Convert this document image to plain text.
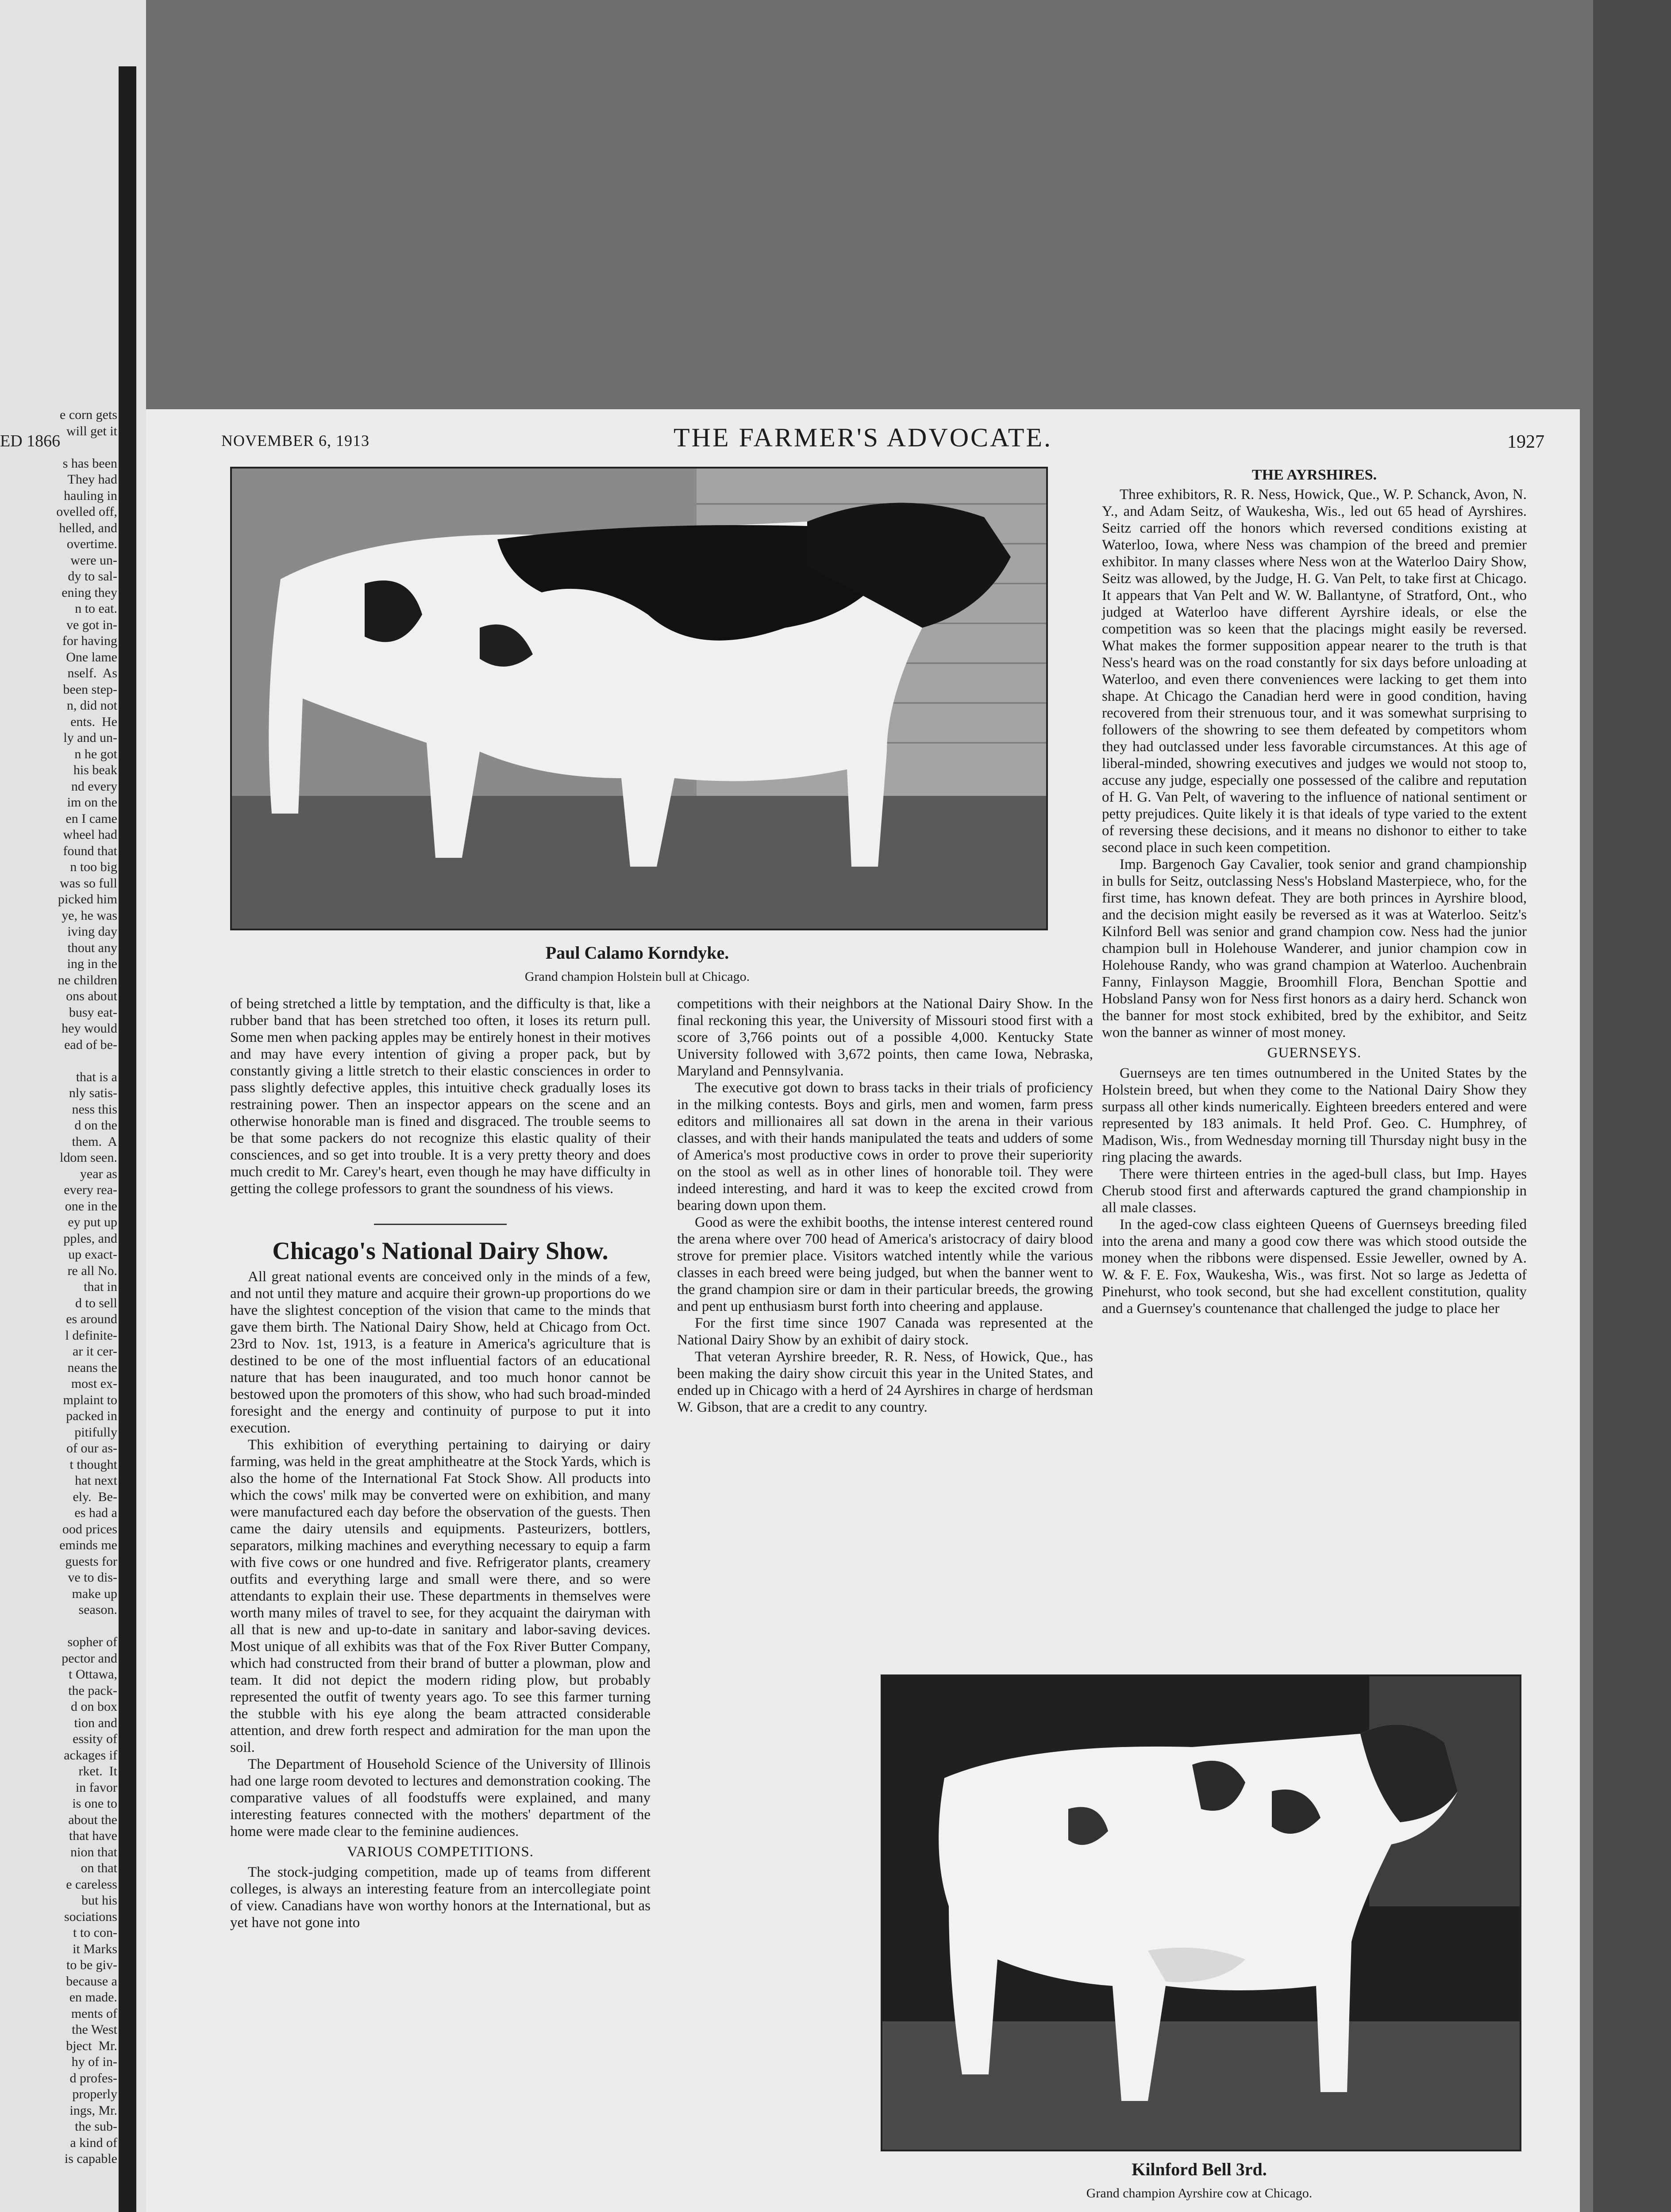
ED 1866
e corn gets
will get it

s has been
They had
hauling in
ovelled off,
helled, and
overtime.
were un-
dy to sal-
ening they
n to eat.
ve got in-
for having
One lame
nself.  As
been step-
n, did not
ents.  He
ly and un-
n he got
his beak
nd every
im on the
en I came
wheel had
found that
n too big
was so full
picked him
ye, he was
iving day
thout any
ing in the
ne children
ons about
busy eat-
hey would
ead of be-

that is a
nly satis-
ness this
d on the
them.  A
ldom seen.
year as
every rea-
one in the
ey put up
pples, and
up exact-
re all No.
that in
d to sell
es around
l definite-
ar it cer-
neans the
most ex-
mplaint to
packed in
pitifully
of our as-
t thought
hat next
ely.  Be-
es had a
ood prices
eminds me
guests for
ve to dis-
make up
season.

sopher of
pector and
t Ottawa,
the pack-
d on box
tion and
essity of
ackages if
rket.  It
in favor
is one to
about the
that have
nion that
on that
e careless
but his
sociations
t to con-
it Marks
to be giv-
because a
en made.
ments of
the West
bject  Mr.
hy of in-
d profes-
properly
ings, Mr.
the sub-
a kind of
is capable
NOVEMBER 6, 1913	THE FARMER'S ADVOCATE.	1927
Paul Calamo Korndyke.
Grand champion Holstein bull at Chicago.

of being stretched a little by temptation, and the difficulty is that, like a rubber band that has been stretched too often, it loses its return pull. Some men when packing apples may be entirely honest in their motives and may have every intention of giving a proper pack, but by constantly giving a little stretch to their elastic consciences in order to pass slightly defective apples, this intuitive check gradually loses its restraining power. Then an inspector appears on the scene and an otherwise honorable man is fined and disgraced. The trouble seems to be that some packers do not recognize this elastic quality of their consciences, and so get into trouble. It is a very pretty theory and does much credit to Mr. Carey's heart, even though he may have difficulty in getting the college professors to grant the soundness of his views.

Chicago's National Dairy Show.

All great national events are conceived only in the minds of a few, and not until they mature and acquire their grown-up proportions do we have the slightest conception of the vision that came to the minds that gave them birth. The National Dairy Show, held at Chicago from Oct. 23rd to Nov. 1st, 1913, is a feature in America's agriculture that is destined to be one of the most influential factors of an educational nature that has been inaugurated, and too much honor cannot be bestowed upon the promoters of this show, who had such broad-minded foresight and the energy and continuity of purpose to put it into execution.

This exhibition of everything pertaining to dairying or dairy farming, was held in the great amphitheatre at the Stock Yards, which is also the home of the International Fat Stock Show. All products into which the cows' milk may be converted were on exhibition, and many were manufactured each day before the observation of the guests. Then came the dairy utensils and equipments. Pasteurizers, bottlers, separators, milking machines and everything necessary to equip a farm with five cows or one hundred and five. Refrigerator plants, creamery outfits and everything large and small were there, and so were attendants to explain their use. These departments in themselves were worth many miles of travel to see, for they acquaint the dairyman with all that is new and up-to-date in sanitary and labor-saving devices. Most unique of all exhibits was that of the Fox River Butter Company, which had constructed from their brand of butter a plowman, plow and team. It did not depict the modern riding plow, but probably represented the outfit of twenty years ago. To see this farmer turning the stubble with his eye along the beam attracted considerable attention, and drew forth respect and admiration for the man upon the soil.

The Department of Household Science of the University of Illinois had one large room devoted to lectures and demonstration cooking. The comparative values of all foodstuffs were explained, and many interesting features connected with the mothers' department of the home were made clear to the feminine audiences.

VARIOUS COMPETITIONS.

The stock-judging competition, made up of teams from different colleges, is always an interesting feature from an intercollegiate point of view. Canadians have won worthy honors at the International, but as yet have not gone into

competitions with their neighbors at the National Dairy Show. In the final reckoning this year, the University of Missouri stood first with a score of 3,766 points out of a possible 4,000. Kentucky State University followed with 3,672 points, then came Iowa, Nebraska, Maryland and Pennsylvania.

The executive got down to brass tacks in their trials of proficiency in the milking contests. Boys and girls, men and women, farm press editors and millionaires all sat down in the arena in their various classes, and with their hands manipulated the teats and udders of some of America's most productive cows in order to prove their superiority on the stool as well as in other lines of honorable toil. They were indeed interesting, and hard it was to keep the excited crowd from bearing down upon them.

Good as were the exhibit booths, the intense interest centered round the arena where over 700 head of America's aristocracy of dairy blood strove for premier place. Visitors watched intently while the various classes in each breed were being judged, but when the banner went to the grand champion sire or dam in their particular breeds, the growing and pent up enthusiasm burst forth into cheering and applause.

For the first time since 1907 Canada was represented at the National Dairy Show by an exhibit of dairy stock.

That veteran Ayrshire breeder, R. R. Ness, of Howick, Que., has been making the dairy show circuit this year in the United States, and ended up in Chicago with a herd of 24 Ayrshires in charge of herdsman W. Gibson, that are a credit to any country.

THE AYRSHIRES.

Three exhibitors, R. R. Ness, Howick, Que., W. P. Schanck, Avon, N. Y., and Adam Seitz, of Waukesha, Wis., led out 65 head of Ayrshires. Seitz carried off the honors which reversed conditions existing at Waterloo, Iowa, where Ness was champion of the breed and premier exhibitor. In many classes where Ness won at the Waterloo Dairy Show, Seitz was allowed, by the Judge, H. G. Van Pelt, to take first at Chicago. It appears that Van Pelt and W. W. Ballantyne, of Stratford, Ont., who judged at Waterloo have different Ayrshire ideals, or else the competition was so keen that the placings might easily be reversed. What makes the former supposition appear nearer to the truth is that Ness's heard was on the road constantly for six days before unloading at Waterloo, and even there conveniences were lacking to get them into shape. At Chicago the Canadian herd were in good condition, having recovered from their strenuous tour, and it was somewhat surprising to followers of the showring to see them defeated by competitors whom they had outclassed under less favorable circumstances. At this age of liberal-minded, showring executives and judges we would not stoop to, accuse any judge, especially one possessed of the calibre and reputation of H. G. Van Pelt, of wavering to the influence of national sentiment or petty prejudices. Quite likely it is that ideals of type varied to the extent of reversing these decisions, and it means no dishonor to either to take second place in such keen competition.

Imp. Bargenoch Gay Cavalier, took senior and grand championship in bulls for Seitz, outclassing Ness's Hobsland Masterpiece, who, for the first time, has known defeat. They are both princes in Ayrshire blood, and the decision might easily be reversed as it was at Waterloo. Seitz's Kilnford Bell was senior and grand champion cow. Ness had the junior champion bull in Holehouse Wanderer, and junior champion cow in Holehouse Randy, who was grand champion at Waterloo. Auchenbrain Fanny, Finlayson Maggie, Broomhill Flora, Benchan Spottie and Hobsland Pansy won for Ness first honors as a dairy herd. Schanck won the banner for most stock exhibited, bred by the exhibitor, and Seitz won the banner as winner of most money.

GUERNSEYS.

Guernseys are ten times outnumbered in the United States by the Holstein breed, but when they come to the National Dairy Show they surpass all other kinds numerically. Eighteen breeders entered and were represented by 183 animals. It held Prof. Geo. C. Humphrey, of Madison, Wis., from Wednesday morning till Thursday night busy in the ring placing the awards.

There were thirteen entries in the aged-bull class, but Imp. Hayes Cherub stood first and afterwards captured the grand championship in all male classes.

In the aged-cow class eighteen Queens of Guernseys breeding filed into the arena and many a good cow there was which stood outside the money when the ribbons were dispensed. Essie Jeweller, owned by A. W. & F. E. Fox, Waukesha, Wis., was first. Not so large as Jedetta of Pinehurst, who took second, but she had excellent constitution, quality and a Guernsey's countenance that challenged the judge to place her

Kilnford Bell 3rd.
Grand champion Ayrshire cow at Chicago.
